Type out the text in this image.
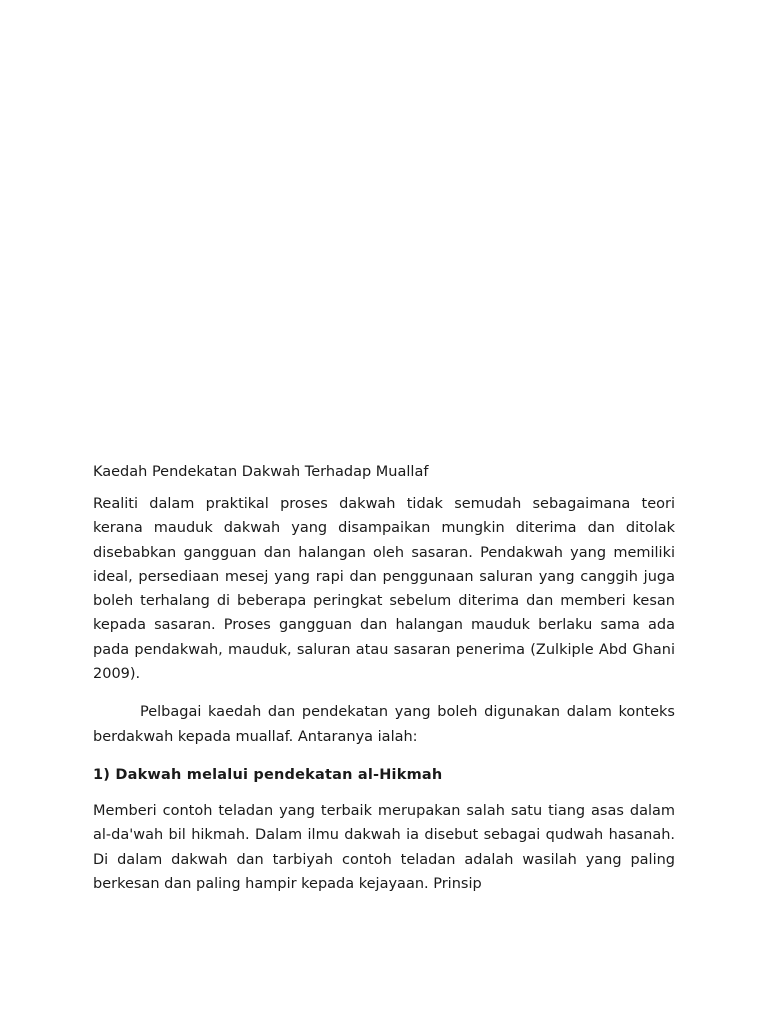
Kaedah Pendekatan Dakwah Terhadap Muallaf

Realiti dalam praktikal proses dakwah tidak semudah sebagaimana teori kerana mauduk dakwah yang disampaikan mungkin diterima dan ditolak disebabkan gangguan dan halangan oleh sasaran. Pendakwah yang memiliki ideal, persediaan mesej yang rapi dan penggunaan saluran yang canggih juga boleh terhalang di beberapa peringkat sebelum diterima dan memberi kesan kepada sasaran. Proses gangguan dan halangan mauduk berlaku sama ada pada pendakwah, mauduk, saluran atau sasaran penerima (Zulkiple Abd Ghani 2009).

Pelbagai kaedah dan pendekatan yang boleh digunakan dalam konteks berdakwah kepada muallaf. Antaranya ialah:

1) Dakwah melalui pendekatan al-Hikmah

Memberi contoh teladan yang terbaik merupakan salah satu tiang asas dalam al-da'wah bil hikmah. Dalam ilmu dakwah ia disebut sebagai qudwah hasanah. Di dalam dakwah dan tarbiyah contoh teladan adalah wasilah yang paling berkesan dan paling hampir kepada kejayaan. Prinsip
